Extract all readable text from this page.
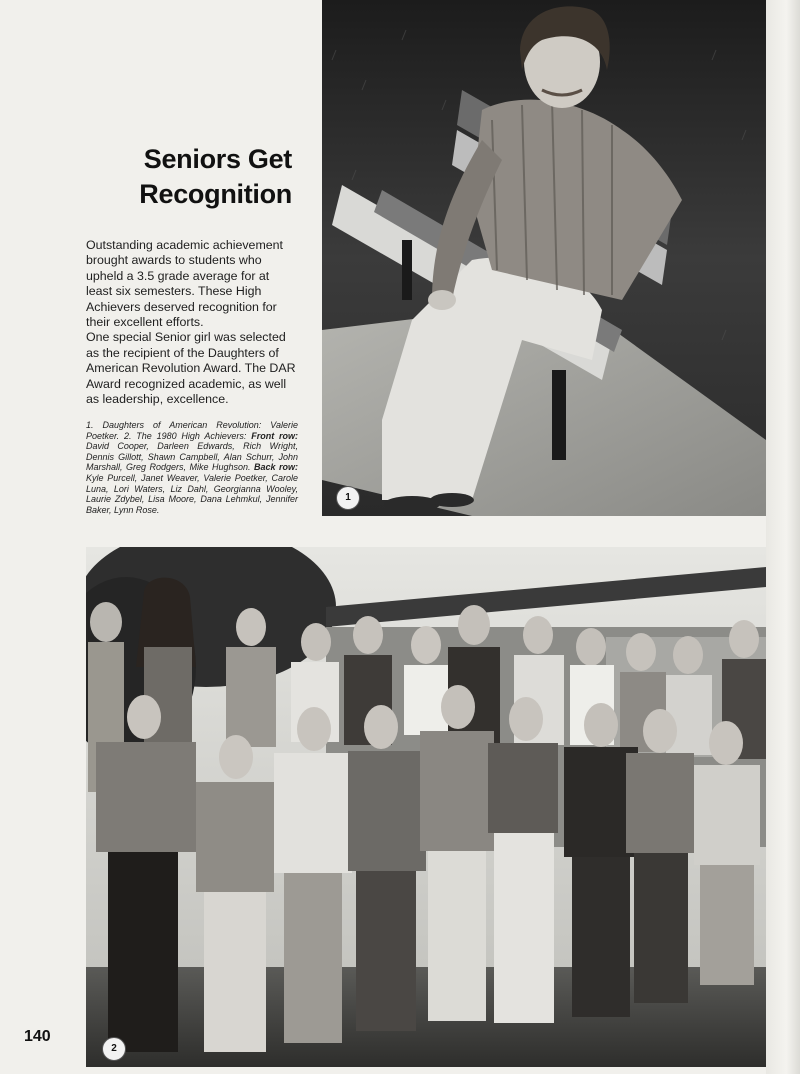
Seniors Get
Recognition

Outstanding academic achievement brought awards to students who upheld a 3.5 grade average for at least six semesters. These High Achievers deserved recognition for their excellent efforts.

One special Senior girl was selected as the recipient of the Daughters of American Revolution Award. The DAR Award recognized academic, as well as leadership, excellence.

1. Daughters of American Revolution: Valerie Poetker. 2. The 1980 High Achievers: Front row: David Cooper, Darleen Edwards, Rich Wright, Dennis Gillott, Shawn Campbell, Alan Schurr, John Marshall, Greg Rodgers, Mike Hughson. Back row: Kyle Purcell, Janet Weaver, Valerie Poetker, Carole Luna, Lori Waters, Liz Dahl, Georgianna Wooley, Laurie Zdybel, Lisa Moore, Dana Lehmkul, Jennifer Baker, Lynn Rose.
1
2
140
